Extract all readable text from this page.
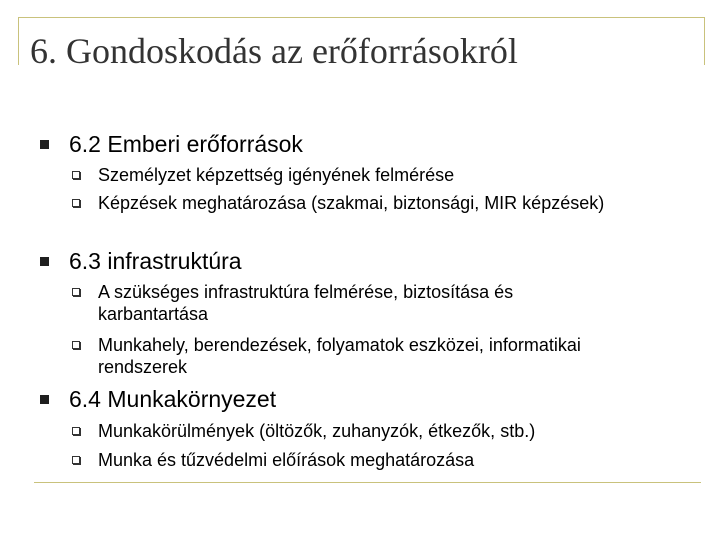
6. Gondoskodás az erőforrásokról
6.2 Emberi erőforrások
Személyzet képzettség igényének felmérése
Képzések meghatározása (szakmai, biztonsági, MIR képzések)
6.3 infrastruktúra
A szükséges infrastruktúra felmérése, biztosítása és karbantartása
Munkahely, berendezések, folyamatok eszközei, informatikai rendszerek
6.4 Munkakörnyezet
Munkakörülmények (öltözők, zuhanyzók, étkezők, stb.)
Munka és tűzvédelmi előírások meghatározása
